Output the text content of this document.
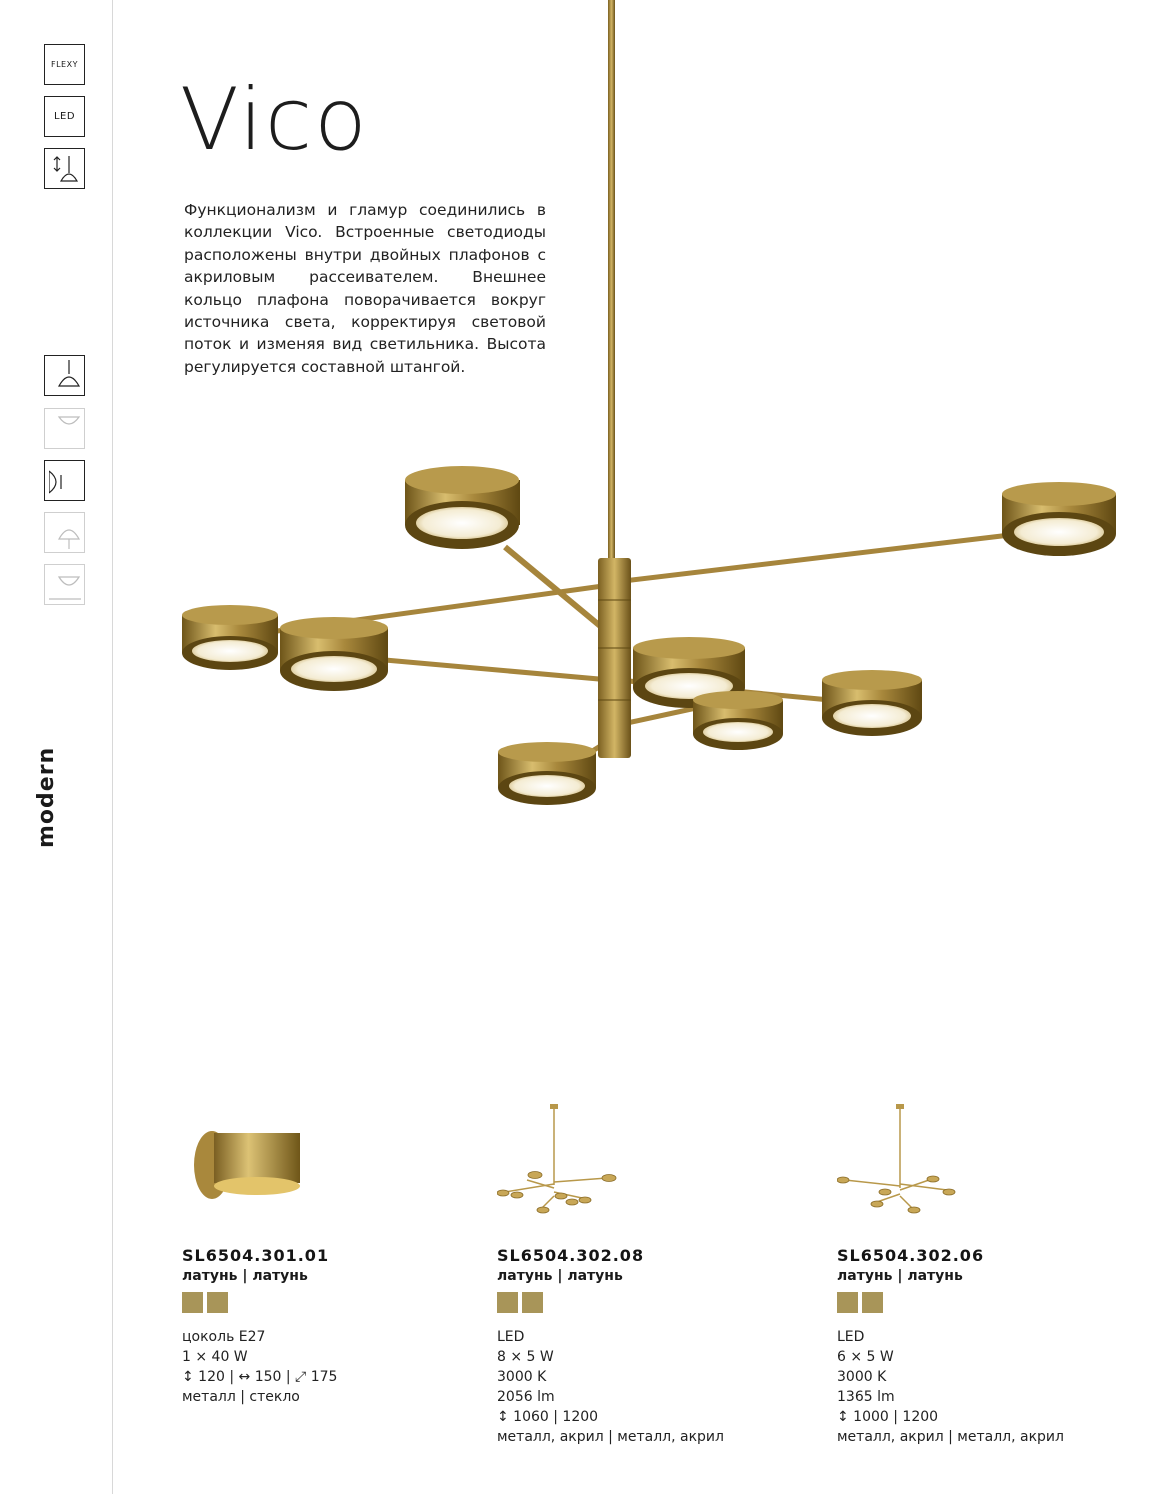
FLEXY
LED
modern
Vico

Функционализм и гламур соединились в коллекции Vico. Встроенные светодиоды расположены внутри двойных плафонов с акриловым рассеивателем. Внешнее кольцо плафона поворачивается вокруг источника света, корректируя световой поток и изменяя вид светильника. Высота регулируется составной штангой.

SL6504.301.01
латунь | латунь
цоколь E27
1 × 40 W
↕ 120 | ↔ 150 | ⤢ 175
металл | стекло
SL6504.302.08
латунь | латунь
LED
8 × 5 W
3000 K
2056 lm
↕ 1060 | 1200
металл, акрил | металл, акрил
SL6504.302.06
латунь | латунь
LED
6 × 5 W
3000 K
1365 lm
↕ 1000 | 1200
металл, акрил | металл, акрил
